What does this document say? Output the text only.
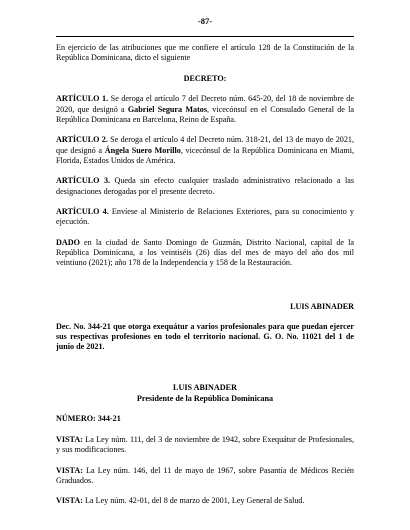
-87-

En ejercicio de las atribuciones que me confiere el artículo 128 de la Constitución de la República Dominicana, dicto el siguiente

DECRETO:

ARTÍCULO 1. Se deroga el artículo 7 del Decreto núm. 645-20, del 18 de noviembre de 2020, que designó a Gabriel Segura Matos, vicecónsul en el Consulado General de la República Dominicana en Barcelona, Reino de España.

ARTÍCULO 2. Se deroga el artículo 4 del Decreto núm. 318-21, del 13 de mayo de 2021, que designó a Ángela Suero Morillo, vicecónsul de la República Dominicana en Miami, Florida, Estados Unidos de América.

ARTÍCULO 3. Queda sin efecto cualquier traslado administrativo relacionado a las designaciones derogadas por el presente decreto.

ARTÍCULO 4. Envíese al Ministerio de Relaciones Exteriores, para su conocimiento y ejecución.

DADO en la ciudad de Santo Domingo de Guzmán, Distrito Nacional, capital de la República Dominicana, a los veintiséis (26) días del mes de mayo del año dos mil veintiuno (2021); año 178 de la Independencia y 158 de la Restauración.

LUIS ABINADER

Dec. No. 344-21 que otorga exequátur a varios profesionales para que puedan ejercer sus respectivas profesiones en todo el territorio nacional. G. O. No. 11021 del 1 de junio de 2021.

LUIS ABINADER
Presidente de la República Dominicana

NÚMERO: 344-21

VISTA: La Ley núm. 111, del 3 de noviembre de 1942, sobre Exequátur de Profesionales, y sus modificaciones.

VISTA: La Ley núm. 146, del 11 de mayo de 1967, sobre Pasantía de Médicos Recién Graduados.

VISTA: La Ley núm. 42-01, del 8 de marzo de 2001, Ley General de Salud.
